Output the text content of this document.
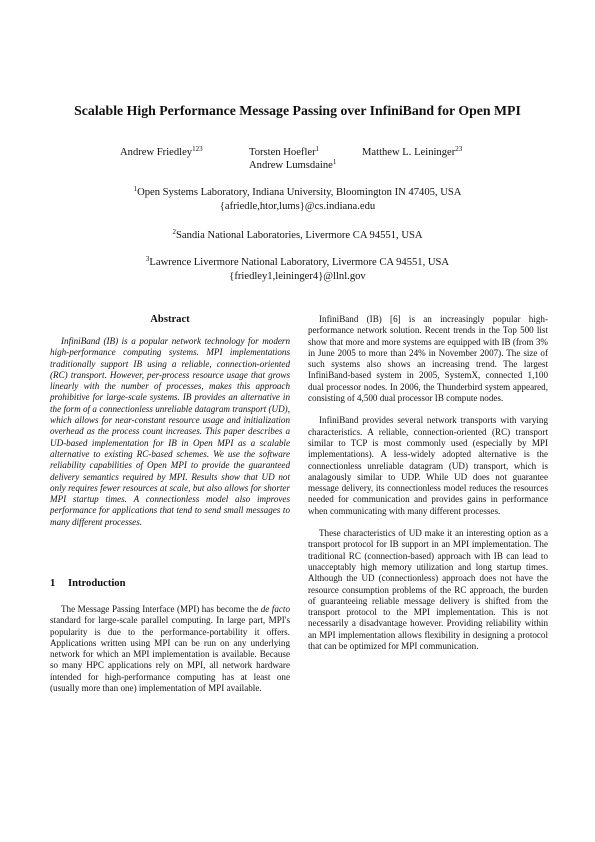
Scalable High Performance Message Passing over InfiniBand for Open MPI
Andrew Friedley$^{123}$	Torsten Hoefler$^1$	Matthew L. Leininger$^{23}$
Andrew Lumsdaine$^1$
$^1$Open Systems Laboratory, Indiana University, Bloomington IN 47405, USA
{afriedle,htor,lums}@cs.indiana.edu
$^2$Sandia National Laboratories, Livermore CA 94551, USA
$^3$Lawrence Livermore National Laboratory, Livermore CA 94551, USA
{friedley1,leininger4}@llnl.gov
Abstract

InfiniBand (IB) is a popular network technology for modern high-performance computing systems. MPI implementations traditionally support IB using a reliable, connection-oriented (RC) transport. However, per-process resource usage that grows linearly with the number of processes, makes this approach prohibitive for large-scale systems. IB provides an alternative in the form of a connectionless unreliable datagram transport (UD), which allows for near-constant resource usage and initialization overhead as the process count increases. This paper describes a UD-based implementation for IB in Open MPI as a scalable alternative to existing RC-based schemes. We use the software reliability capabilities of Open MPI to provide the guaranteed delivery semantics required by MPI. Results show that UD not only requires fewer resources at scale, but also allows for shorter MPI startup times. A connectionless model also improves performance for applications that tend to send small messages to many different processes.

1 Introduction

The Message Passing Interface (MPI) has become the de facto standard for large-scale parallel computing. In large part, MPI's popularity is due to the performance-portability it offers. Applications written using MPI can be run on any underlying network for which an MPI implementation is available. Because so many HPC applications rely on MPI, all network hardware intended for high-performance computing has at least one (usually more than one) implementation of MPI available.

InfiniBand (IB) [6] is an increasingly popular high-performance network solution. Recent trends in the Top 500 list show that more and more systems are equipped with IB (from 3% in June 2005 to more than 24% in November 2007). The size of such systems also shows an increasing trend. The largest InfiniBand-based system in 2005, SystemX, connected 1,100 dual processor nodes. In 2006, the Thunderbird system appeared, consisting of 4,500 dual processor IB compute nodes.

InfiniBand provides several network transports with varying characteristics. A reliable, connection-oriented (RC) transport similar to TCP is most commonly used (especially by MPI implementations). A less-widely adopted alternative is the connectionless unreliable datagram (UD) transport, which is analagously similar to UDP. While UD does not guarantee message delivery, its connectionless model reduces the resources needed for communication and provides gains in performance when communicating with many different processes.

These characteristics of UD make it an interesting option as a transport protocol for IB support in an MPI implementation. The traditional RC (connection-based) approach with IB can lead to unacceptably high memory utilization and long startup times. Although the UD (connectionless) approach does not have the resource consumption problems of the RC approach, the burden of guaranteeing reliable message delivery is shifted from the transport protocol to the MPI implementation. This is not necessarily a disadvantage however. Providing reliability within an MPI implementation allows flexibility in designing a protocol that can be optimized for MPI communication.
